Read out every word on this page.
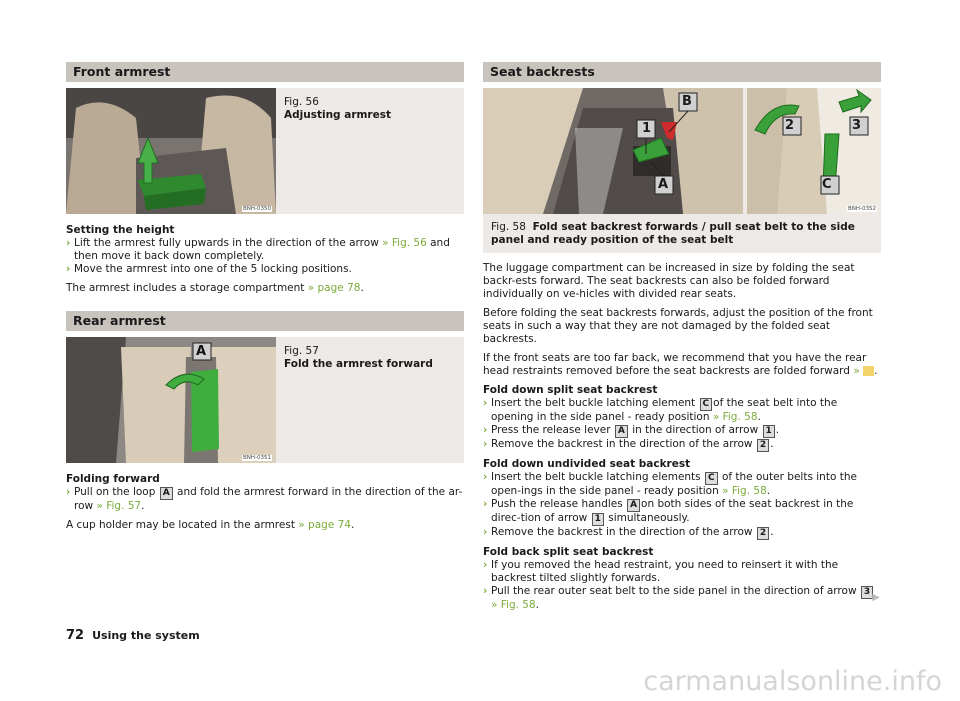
Front armrest
BNH-0350
Fig. 56
Adjusting armrest
Setting the height
› Lift the armrest fully upwards in the direction of the arrow » Fig. 56 and then move it back down completely.
› Move the armrest into one of the 5 locking positions.

The armrest includes a storage compartment » page 78.

Rear armrest
A
BNH-0351
Fig. 57
Fold the armrest forward
Folding forward
› Pull on the loop A and fold the armrest forward in the direction of the ar-row » Fig. 57.

A cup holder may be located in the armrest » page 74.

Seat backrests
B
1
A
2	3
C
BNH-0352
Fig. 58 Fold seat backrest forwards / pull seat belt to the side panel and ready position of the seat belt

The luggage compartment can be increased in size by folding the seat backr-ests forward. The seat backrests can also be folded forward individually on ve-hicles with divided rear seats.

Before folding the seat backrests forwards, adjust the position of the front seats in such a way that they are not damaged by the folded seat backrests.

If the front seats are too far back, we recommend that you have the rear head restraints removed before the seat backrests are folded forward » .

Fold down split seat backrest
› Insert the belt buckle latching element C of the seat belt into the opening in the side panel - ready position » Fig. 58.
› Press the release lever A in the direction of arrow 1 .
› Remove the backrest in the direction of the arrow 2 .
Fold down undivided seat backrest
› Insert the belt buckle latching elements C of the outer belts into the open-ings in the side panel - ready position » Fig. 58.
› Push the release handles A on both sides of the seat backrest in the direc-tion of arrow 1 simultaneously.
› Remove the backrest in the direction of the arrow 2 .
Fold back split seat backrest
› If you removed the head restraint, you need to reinsert it with the backrest tilted slightly forwards.
› Pull the rear outer seat belt to the side panel in the direction of arrow 3 » Fig. 58.
▶
72 Using the system
carmanualsonline.info
